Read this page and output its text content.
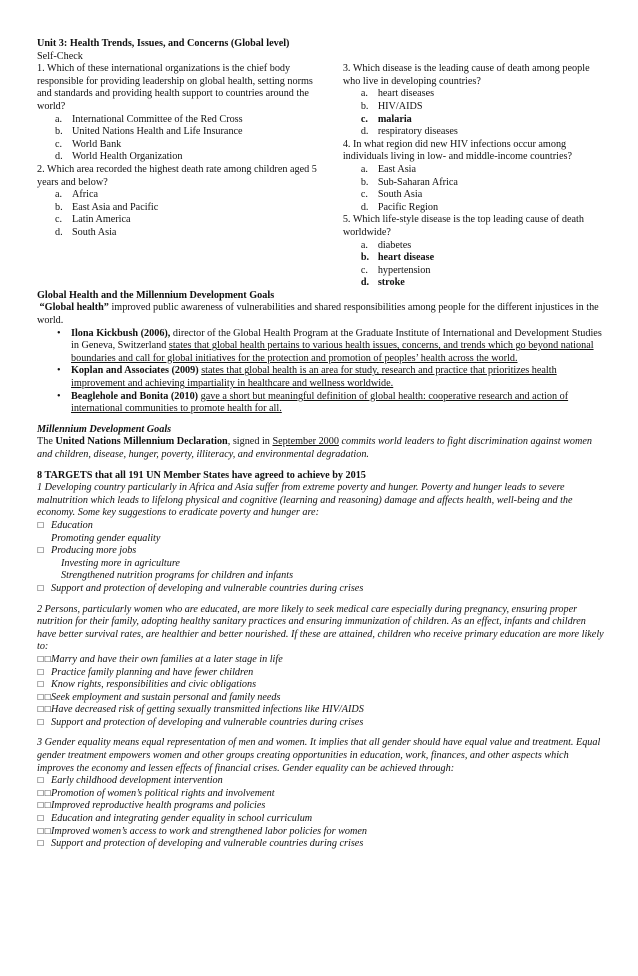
Unit 3: Health Trends, Issues, and Concerns (Global level)
Self-Check

1. Which of these international organizations is the chief body responsible for providing leadership on global health, setting norms and standards and providing health support to countries around the world?

a. International Committee of the Red Cross
b. United Nations Health and Life Insurance
c. World Bank
d. World Health Organization

2. Which area recorded the highest death rate among children aged 5 years and below?

a. Africa
b. East Asia and Pacific
c. Latin America
d. South Asia

3. Which disease is the leading cause of death among people who live in developing countries?

a. heart diseases
b. HIV/AIDS
c. malaria
d. respiratory diseases

4. In what region did new HIV infections occur among individuals living in low- and middle-income countries?

a. East Asia
b. Sub-Saharan Africa
c. South Asia
d. Pacific Region

5. Which life-style disease is the top leading cause of death worldwide?

a. diabetes
b. heart disease
c. hypertension
d. stroke
Global Health and the Millennium Development Goals
“Global health” improved public awareness of vulnerabilities and shared responsibilities among people for the different injustices in the world.
• Ilona Kickbush (2006), director of the Global Health Program at the Graduate Institute of International and Development Studies in Geneva, Switzerland states that global health pertains to various health issues, concerns, and trends which go beyond national boundaries and call for global initiatives for the protection and promotion of peoples’ health across the world.
• Koplan and Associates (2009) states that global health is an area for study, research and practice that prioritizes health improvement and achieving impartiality in healthcare and wellness worldwide.
• Beaglehole and Bonita (2010) gave a short but meaningful definition of global health: cooperative research and action of international communities to promote health for all.
Millennium Development Goals
The United Nations Millennium Declaration, signed in September 2000 commits world leaders to fight discrimination against women and children, disease, hunger, poverty, illiteracy, and environmental degradation.
8 TARGETS that all 191 UN Member States have agreed to achieve by 2015
1 Developing country particularly in Africa and Asia suffer from extreme poverty and hunger. Poverty and hunger leads to severe malnutrition which leads to lifelong physical and cognitive (learning and reasoning) damage and affects health, well-being and the economy. Some key suggestions to eradicate poverty and hunger are:
☐ Education
Promoting gender equality
☐ Producing more jobs
Investing more in agriculture
Strengthened nutrition programs for children and infants
☐ Support and protection of developing and vulnerable countries during crises
2 Persons, particularly women who are educated, are more likely to seek medical care especially during pregnancy, ensuring proper nutrition for their family, adopting healthy sanitary practices and ensuring immunization of children. As an effect, infants and children have better survival rates, are healthier and better nourished. If these are attained, children who receive primary education are more likely to:
☐☐ Marry and have their own families at a later stage in life
☐ Practice family planning and have fewer children
☐ Know rights, responsibilities and civic obligations
☐☐ Seek employment and sustain personal and family needs
☐☐ Have decreased risk of getting sexually transmitted infections like HIV/AIDS
☐ Support and protection of developing and vulnerable countries during crises
3 Gender equality means equal representation of men and women. It implies that all gender should have equal value and treatment. Equal gender treatment empowers women and other groups creating opportunities in education, work, finances, and other aspects which improves the economy and lessen effects of financial crises. Gender equality can be achieved through:
☐ Early childhood development intervention
☐☐ Promotion of women’s political rights and involvement
☐☐ Improved reproductive health programs and policies
☐ Education and integrating gender equality in school curriculum
☐☐ Improved women’s access to work and strengthened labor policies for women
☐ Support and protection of developing and vulnerable countries during crises
